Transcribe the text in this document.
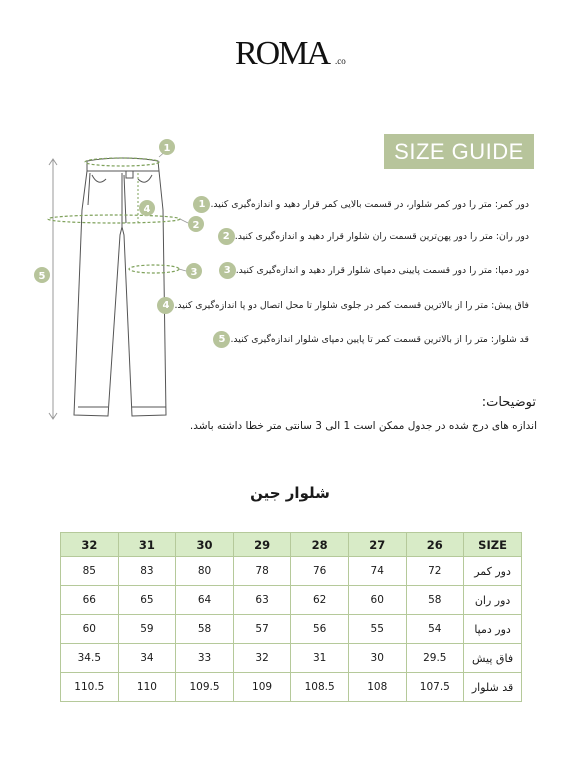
ROMA .co
SIZE GUIDE
1
2
3
4
5
1 دور کمر: متر را دور کمر شلوار، در قسمت بالایی کمر قرار دهید و اندازه‌گیری کنید.
2 دور ران: متر را دور پهن‌ترین قسمت ران شلوار قرار دهید و اندازه‌گیری کنید.
3 دور دمپا: متر را دور قسمت پایینی دمپای شلوار قرار دهید و اندازه‌گیری کنید.
4 فاق پیش: متر را از بالاترین قسمت کمر در جلوی شلوار تا محل اتصال دو پا اندازه‌گیری کنید.
5 قد شلوار: متر را از بالاترین قسمت کمر تا پایین دمپای شلوار اندازه‌گیری کنید.
توضیحات:
اندازه های درج شده در جدول ممکن است 1 الی 3 سانتی متر خطا داشته باشد.
شلوار جین
SIZE	26	27	28	29	30	31	32
دور کمر	72	74	76	78	80	83	85
دور ران	58	60	62	63	64	65	66
دور دمپا	54	55	56	57	58	59	60
فاق پیش	29.5	30	31	32	33	34	34.5
قد شلوار	107.5	108	108.5	109	109.5	110	110.5
